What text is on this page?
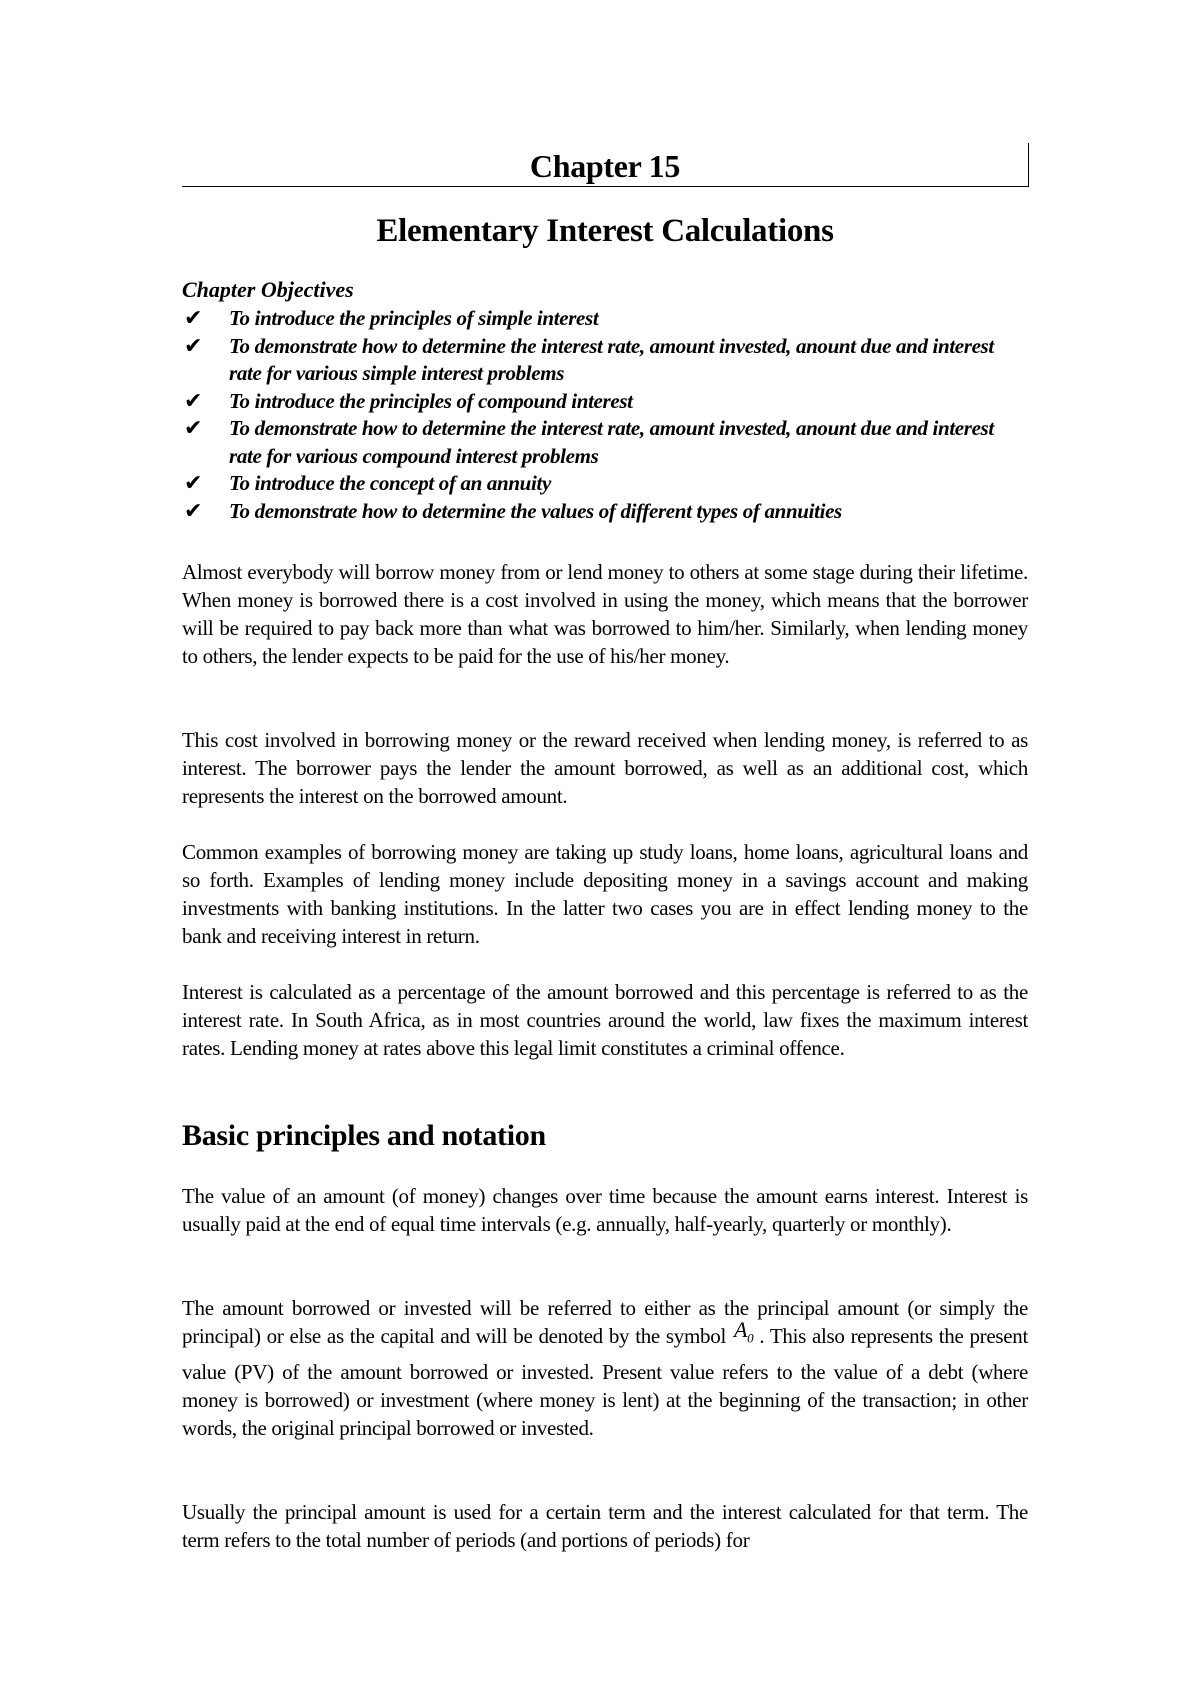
Chapter 15
Elementary Interest Calculations
Chapter Objectives
✔ To introduce the principles of simple interest
✔ To demonstrate how to determine the interest rate, amount invested, anount due and interest rate for various simple interest problems
✔ To introduce the principles of compound interest
✔ To demonstrate how to determine the interest rate, amount invested, anount due and interest rate for various compound interest problems
✔ To introduce the concept of an annuity
✔ To demonstrate how to determine the values of different types of annuities

Almost everybody will borrow money from or lend money to others at some stage during their lifetime. When money is borrowed there is a cost involved in using the money, which means that the borrower will be required to pay back more than what was borrowed to him/her. Similarly, when lending money to others, the lender expects to be paid for the use of his/her money.

This cost involved in borrowing money or the reward received when lending money, is referred to as interest. The borrower pays the lender the amount borrowed, as well as an additional cost, which represents the interest on the borrowed amount.

Common examples of borrowing money are taking up study loans, home loans, agricultural loans and so forth. Examples of lending money include depositing money in a savings account and making investments with banking institutions. In the latter two cases you are in effect lending money to the bank and receiving interest in return.

Interest is calculated as a percentage of the amount borrowed and this percentage is referred to as the interest rate. In South Africa, as in most countries around the world, law fixes the maximum interest rates. Lending money at rates above this legal limit constitutes a criminal offence.

Basic principles and notation

The value of an amount (of money) changes over time because the amount earns interest. Interest is usually paid at the end of equal time intervals (e.g. annually, half-yearly, quarterly or monthly).

The amount borrowed or invested will be referred to either as the principal amount (or simply the principal) or else as the capital and will be denoted by the symbol $A_0$ . This also represents the present value (PV) of the amount borrowed or invested. Present value refers to the value of a debt (where money is borrowed) or investment (where money is lent) at the beginning of the transaction; in other words, the original principal borrowed or invested.

Usually the principal amount is used for a certain term and the interest calculated for that term. The term refers to the total number of periods (and portions of periods) for
